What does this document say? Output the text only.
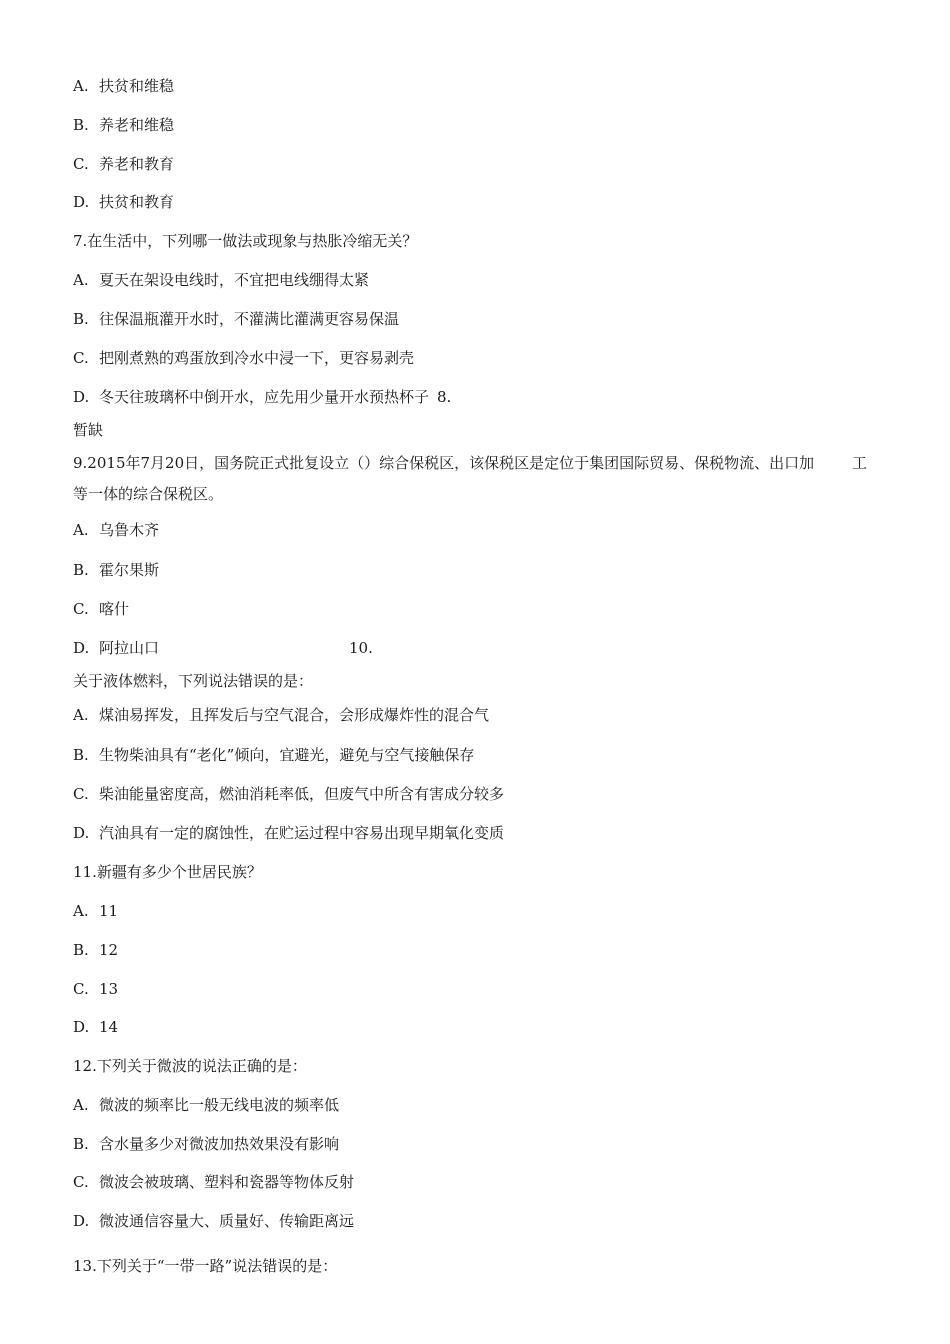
A. 扶贫和维稳
B. 养老和维稳
C. 养老和教育
D. 扶贫和教育
7.在生活中，下列哪一做法或现象与热胀冷缩无关？
A. 夏天在架设电线时，不宜把电线绷得太紧
B. 往保温瓶灌开水时，不灌满比灌满更容易保温
C. 把刚煮熟的鸡蛋放到冷水中浸一下，更容易剥壳
D. 冬天往玻璃杯中倒开水，应先用少量开水预热杯子 8.
暂缺
9.2015年7月20日，国务院正式批复设立（）综合保税区，该保税区是定位于集团国际贸易、保税物流、出口加	工
等一体的综合保税区。
A. 乌鲁木齐
B. 霍尔果斯
C. 喀什
D. 阿拉山口	10.
关于液体燃料，下列说法错误的是：
A. 煤油易挥发，且挥发后与空气混合，会形成爆炸性的混合气
B. 生物柴油具有“老化”倾向，宜避光，避免与空气接触保存
C. 柴油能量密度高，燃油消耗率低，但废气中所含有害成分较多
D. 汽油具有一定的腐蚀性，在贮运过程中容易出现早期氧化变质
11.新疆有多少个世居民族？
A. 11
B. 12
C. 13
D. 14
12.下列关于微波的说法正确的是：
A. 微波的频率比一般无线电波的频率低
B. 含水量多少对微波加热效果没有影响
C. 微波会被玻璃、塑料和瓷器等物体反射
D. 微波通信容量大、质量好、传输距离远
13.下列关于“一带一路”说法错误的是：
